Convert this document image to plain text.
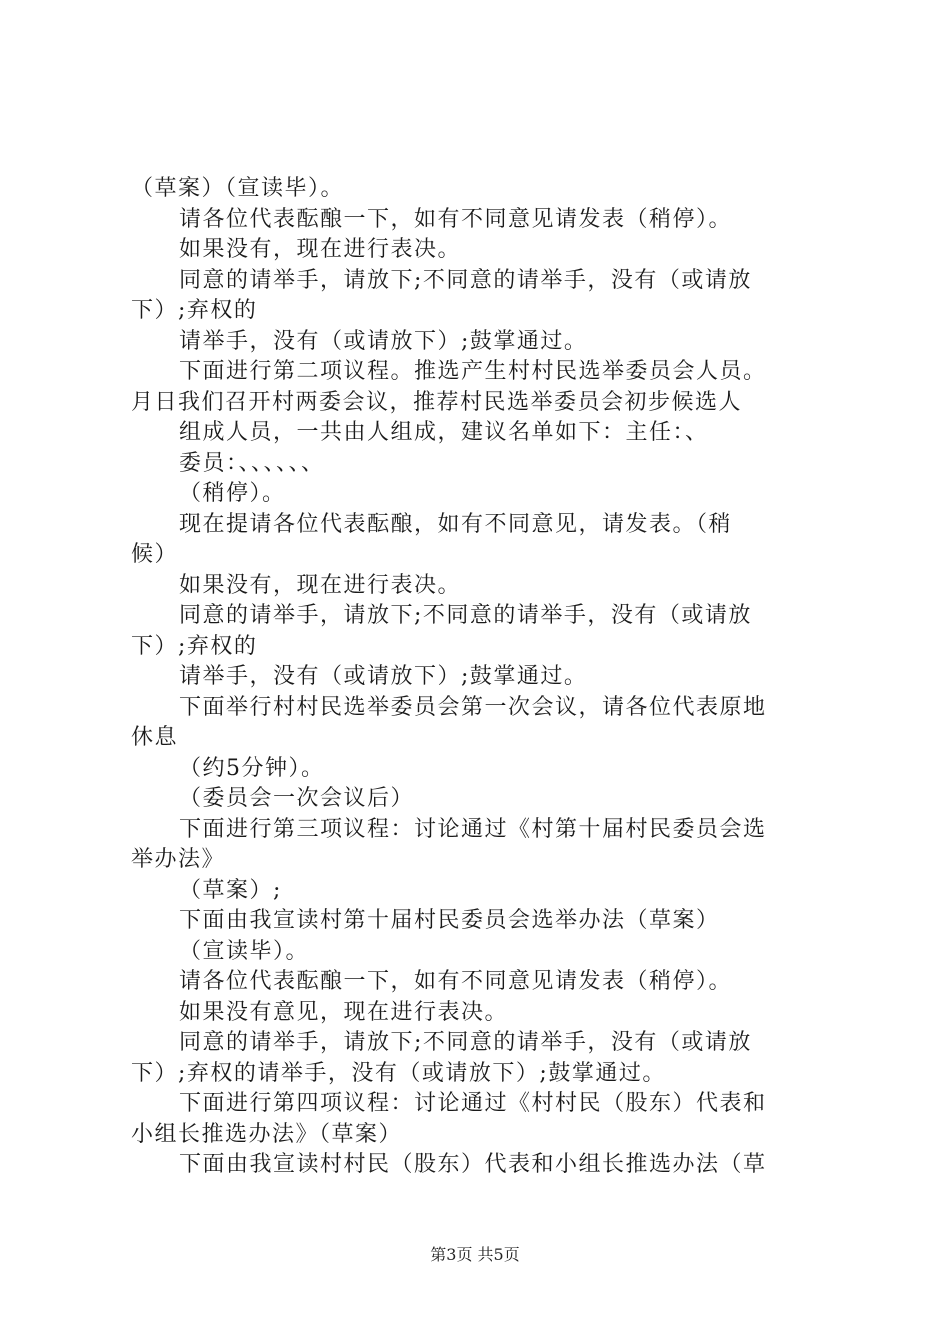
（草案）（宣读毕）。
请各位代表酝酿一下，如有不同意见请发表（稍停）。
如果没有，现在进行表决。
同意的请举手，请放下;不同意的请举手，没有（或请放
下）;弃权的
请举手，没有（或请放下）;鼓掌通过。
下面进行第二项议程。推选产生村村民选举委员会人员。
月日我们召开村两委会议，推荐村民选举委员会初步候选人
组成人员，一共由人组成，建议名单如下：主任：、
委员：、、、、、、
（稍停）。
现在提请各位代表酝酿，如有不同意见，请发表。（稍
候）
如果没有，现在进行表决。
同意的请举手，请放下;不同意的请举手，没有（或请放
下）;弃权的
请举手，没有（或请放下）;鼓掌通过。
下面举行村村民选举委员会第一次会议，请各位代表原地
休息
（约5分钟）。
（委员会一次会议后）
下面进行第三项议程：讨论通过《村第十届村民委员会选
举办法》
（草案）;
下面由我宣读村第十届村民委员会选举办法（草案）
（宣读毕）。
请各位代表酝酿一下，如有不同意见请发表（稍停）。
如果没有意见，现在进行表决。
同意的请举手，请放下;不同意的请举手，没有（或请放
下）;弃权的请举手，没有（或请放下）;鼓掌通过。
下面进行第四项议程：讨论通过《村村民（股东）代表和
小组长推选办法》（草案）
下面由我宣读村村民（股东）代表和小组长推选办法（草
第3页 共5页
